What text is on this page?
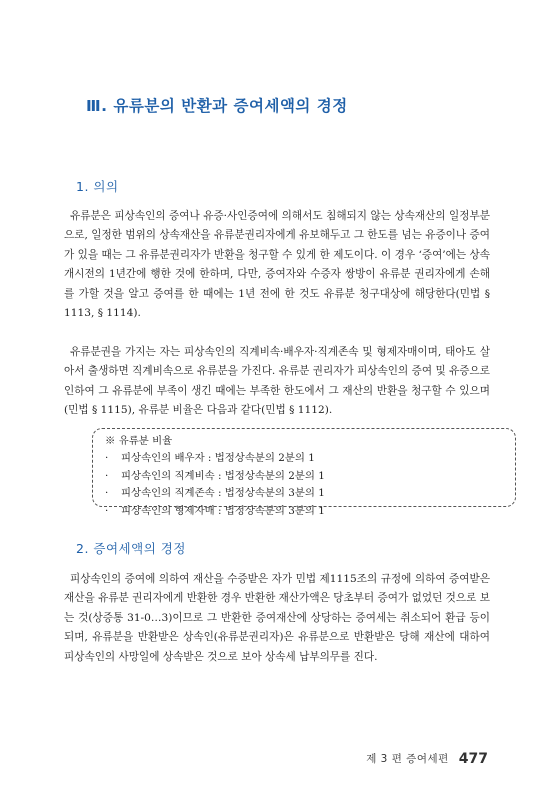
Ⅲ. 유류분의 반환과 증여세액의 경정
1. 의의

유류분은 피상속인의 증여나 유증·사인증여에 의해서도 침해되지 않는 상속재산의 일정부분으로, 일정한 범위의 상속재산을 유류분권리자에게 유보해두고 그 한도를 넘는 유증이나 증여가 있을 때는 그 유류분권리자가 반환을 청구할 수 있게 한 제도이다. 이 경우 ‘증여’에는 상속개시전의 1년간에 행한 것에 한하며, 다만, 증여자와 수증자 쌍방이 유류분 권리자에게 손해를 가할 것을 알고 증여를 한 때에는 1년 전에 한 것도 유류분 청구대상에 해당한다(민법 § 1113, § 1114).

유류분권을 가지는 자는 피상속인의 직계비속·배우자·직계존속 및 형제자매이며, 태아도 살아서 출생하면 직계비속으로 유류분을 가진다. 유류분 권리자가 피상속인의 증여 및 유증으로 인하여 그 유류분에 부족이 생긴 때에는 부족한 한도에서 그 재산의 반환을 청구할 수 있으며(민법 § 1115), 유류분 비율은 다음과 같다(민법 § 1112).

※ 유류분 비율
· 피상속인의 배우자 : 법정상속분의 2분의 1
· 피상속인의 직계비속 : 법정상속분의 2분의 1
· 피상속인의 직계존속 : 법정상속분의 3분의 1
· 피상속인의 형제자매 : 법정상속분의 3분의 1
2. 증여세액의 경정

피상속인의 증여에 의하여 재산을 수증받은 자가 민법 제1115조의 규정에 의하여 증여받은 재산을 유류분 권리자에게 반환한 경우 반환한 재산가액은 당초부터 증여가 없었던 것으로 보는 것(상증통 31-0…3)이므로 그 반환한 증여재산에 상당하는 증여세는 취소되어 환급 등이 되며, 유류분을 반환받은 상속인(유류분권리자)은 유류분으로 반환받은 당해 재산에 대하여 피상속인의 사망일에 상속받은 것으로 보아 상속세 납부의무를 진다.

제 3 편 증여세편 477
